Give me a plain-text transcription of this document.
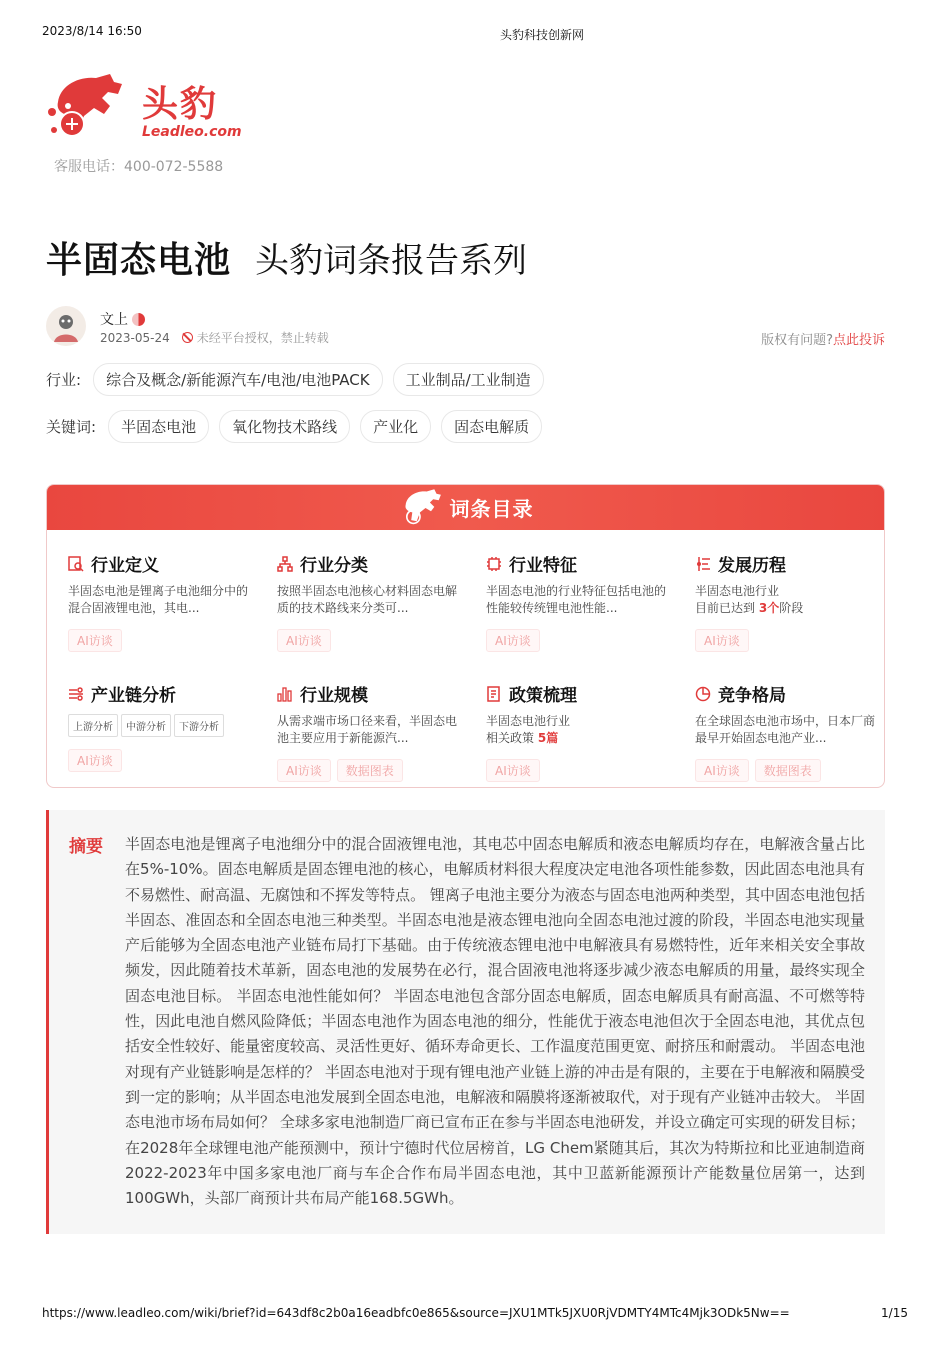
2023/8/14 16:50	头豹科技创新网
头豹
Leadleo.com
客服电话：400-072-5588
半固态电池 头豹词条报告系列
文上
2023-05-24 未经平台授权，禁止转载	版权有问题?点此投诉
行业:	综合及概念/新能源汽车/电池/电池PACK	工业制品/工业制造
关键词:	半固态电池	氧化物技术路线	产业化	固态电解质
词条目录
行业定义
半固态电池是锂离子电池细分中的混合固液锂电池，其电...
AI访谈
行业分类
按照半固态电池核心材料固态电解质的技术路线来分类可...
AI访谈
行业特征
半固态电池的行业特征包括电池的性能较传统锂电池性能...
AI访谈
发展历程
半固态电池行业
目前已达到 3个阶段
AI访谈
产业链分析
上游分析 中游分析 下游分析
AI访谈
行业规模
从需求端市场口径来看，半固态电池主要应用于新能源汽...
AI访谈 数据图表
政策梳理
半固态电池行业
相关政策 5篇
AI访谈
竞争格局
在全球固态电池市场中，日本厂商最早开始固态电池产业...
AI访谈 数据图表
摘要 半固态电池是锂离子电池细分中的混合固液锂电池，其电芯中固态电解质和液态电解质均存在，电解液含量占比在5%-10%。固态电解质是固态锂电池的核心，电解质材料很大程度决定电池各项性能参数，因此固态电池具有不易燃性、耐高温、无腐蚀和不挥发等特点。 锂离子电池主要分为液态与固态电池两种类型，其中固态电池包括半固态、准固态和全固态电池三种类型。半固态电池是液态锂电池向全固态电池过渡的阶段，半固态电池实现量产后能够为全固态电池产业链布局打下基础。由于传统液态锂电池中电解液具有易燃特性，近年来相关安全事故频发，因此随着技术革新，固态电池的发展势在必行，混合固液电池将逐步减少液态电解质的用量，最终实现全固态电池目标。 半固态电池性能如何？ 半固态电池包含部分固态电解质，固态电解质具有耐高温、不可燃等特性，因此电池自燃风险降低；半固态电池作为固态电池的细分，性能优于液态电池但次于全固态电池，其优点包括安全性较好、能量密度较高、灵活性更好、循环寿命更长、工作温度范围更宽、耐挤压和耐震动。 半固态电池对现有产业链影响是怎样的？ 半固态电池对于现有锂电池产业链上游的冲击是有限的，主要在于电解液和隔膜受到一定的影响；从半固态电池发展到全固态电池，电解液和隔膜将逐渐被取代，对于现有产业链冲击较大。 半固态电池市场布局如何？ 全球多家电池制造厂商已宣布正在参与半固态电池研发，并设立确定可实现的研发目标；在2028年全球锂电池产能预测中，预计宁德时代位居榜首，LG Chem紧随其后，其次为特斯拉和比亚迪制造商2022-2023年中国多家电池厂商与车企合作布局半固态电池，其中卫蓝新能源预计产能数量位居第一，达到100GWh，头部厂商预计共布局产能168.5GWh。
https://www.leadleo.com/wiki/brief?id=643df8c2b0a16eadbfc0e865&source=JXU1MTk5JXU0RjVDMTY4MTc4Mjk3ODk5Nw==	1/15
